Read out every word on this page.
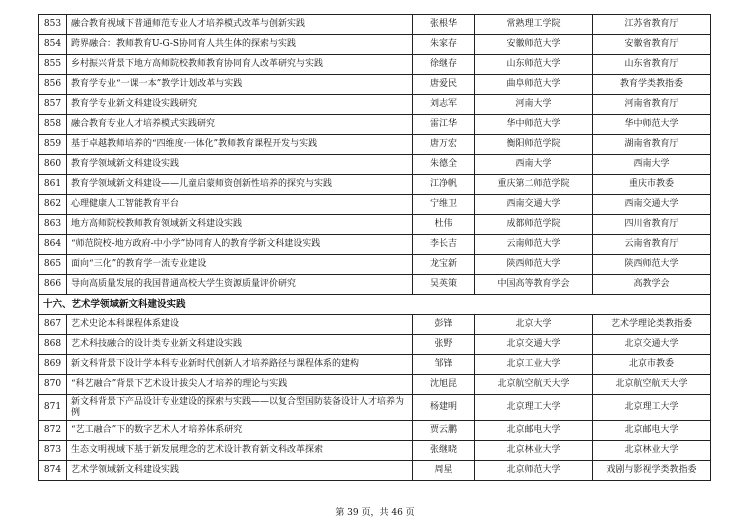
853	融合教育视域下普通师范专业人才培养模式改革与创新实践	张根华	常熟理工学院	江苏省教育厅
854	跨界融合：教师教育U-G-S协同育人共生体的探索与实践	朱家存	安徽师范大学	安徽省教育厅
855	乡村振兴背景下地方高师院校教师教育协同育人改革研究与实践	徐继存	山东师范大学	山东省教育厅
856	教育学专业“一课一本”教学计划改革与实践	唐爱民	曲阜师范大学	教育学类教指委
857	教育学专业新文科建设实践研究	刘志军	河南大学	河南省教育厅
858	融合教育专业人才培养模式实践研究	雷江华	华中师范大学	华中师范大学
859	基于卓越教师培养的“四维度·一体化”教师教育课程开发与实践	唐万宏	衡阳师范学院	湖南省教育厅
860	教育学领域新文科建设实践	朱德全	西南大学	西南大学
861	教育学领域新文科建设——儿童启蒙师资创新性培养的探究与实践	江净帆	重庆第二师范学院	重庆市教委
862	心理健康人工智能教育平台	宁维卫	西南交通大学	西南交通大学
863	地方高师院校教师教育领域新文科建设实践	杜伟	成都师范学院	四川省教育厅
864	“师范院校-地方政府-中小学”协同育人的教育学新文科建设实践	李长吉	云南师范大学	云南省教育厅
865	面向“三化”的教育学一流专业建设	龙宝新	陕西师范大学	陕西师范大学
866	导向高质量发展的我国普通高校大学生资源质量评价研究	吴英策	中国高等教育学会	高教学会
十六、艺术学领域新文科建设实践				
867	艺术史论本科课程体系建设	彭锋	北京大学	艺术学理论类教指委
868	艺术科技融合的设计类专业新文科建设实践	张野	北京交通大学	北京交通大学
869	新文科背景下设计学本科专业新时代创新人才培养路径与课程体系的建构	邹锋	北京工业大学	北京市教委
870	“科艺融合”背景下艺术设计拔尖人才培养的理论与实践	沈旭昆	北京航空航天大学	北京航空航天大学
871	新文科背景下产品设计专业建设的探索与实践——以复合型国防装备设计人才培养为例	杨建明	北京理工大学	北京理工大学
872	“艺工融合”下的数字艺术人才培养体系研究	贾云鹏	北京邮电大学	北京邮电大学
873	生态文明视域下基于新发展理念的艺术设计教育新文科改革探索	张继晓	北京林业大学	北京林业大学
874	艺术学领域新文科建设实践	周星	北京师范大学	戏剧与影视学类教指委
第 39 页，共 46 页
